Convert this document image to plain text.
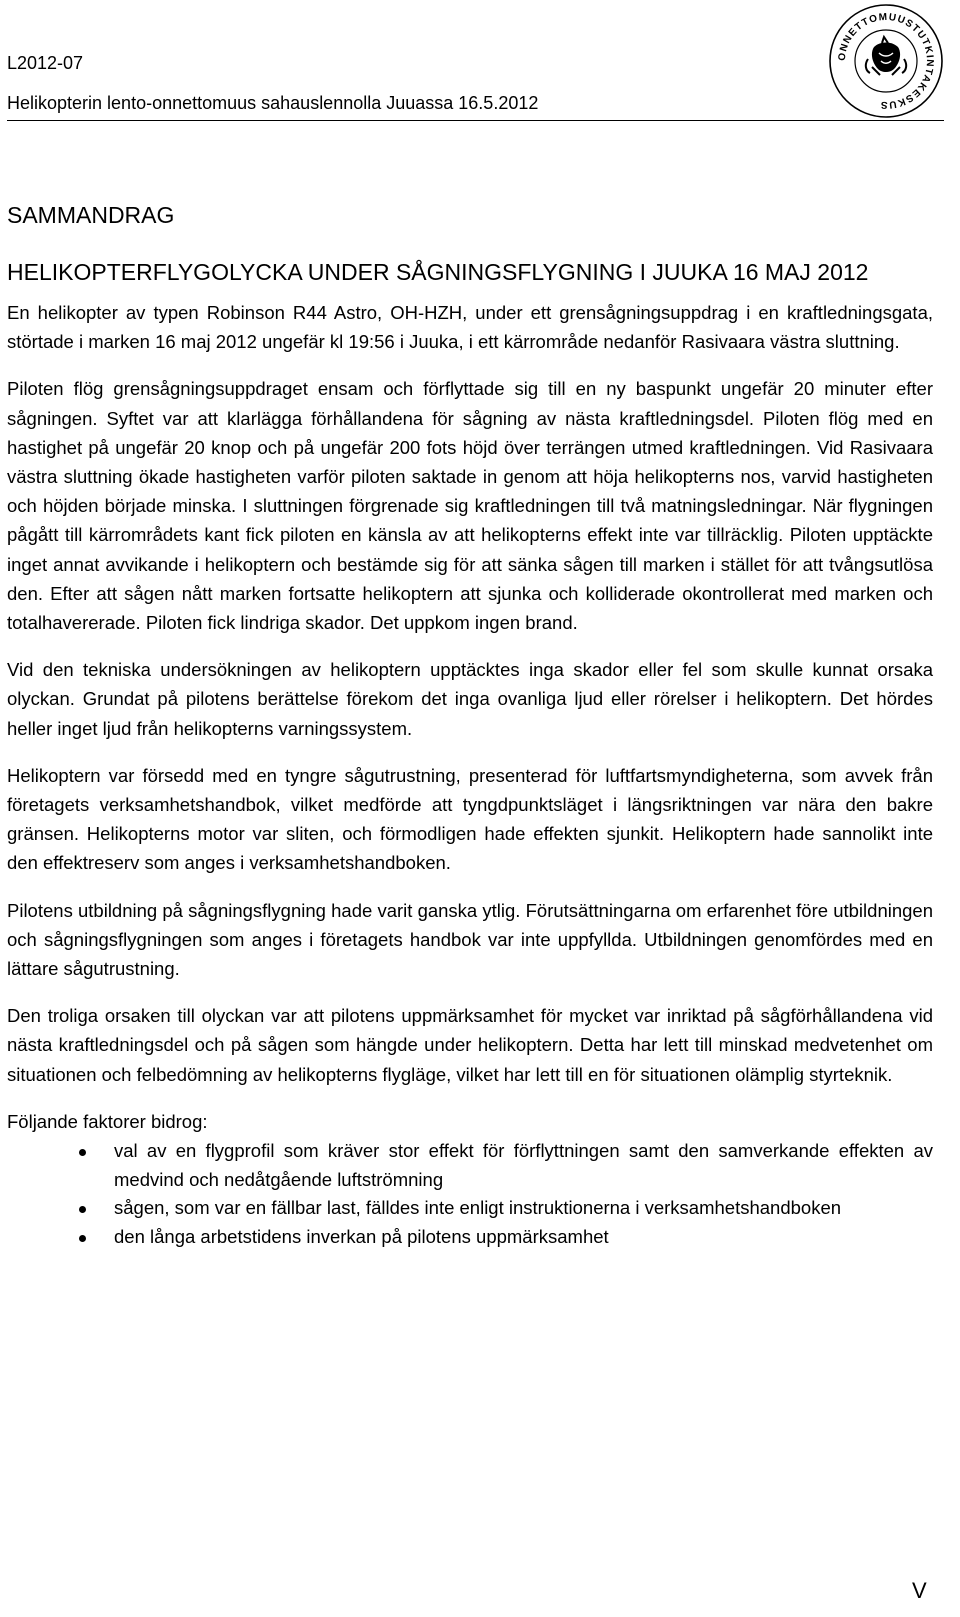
L2012-07
Helikopterin lento-onnettomuus sahauslennolla Juuassa 16.5.2012
ONNETTOMUUSTUTKINTAKESKUS
SAMMANDRAG
HELIKOPTERFLYGOLYCKA UNDER SÅGNINGSFLYGNING I JUUKA 16 MAJ 2012

En helikopter av typen Robinson R44 Astro, OH-HZH, under ett grensågningsuppdrag i en kraftledningsgata, störtade i marken 16 maj 2012 ungefär kl 19:56 i Juuka, i ett kärrområde nedanför Rasivaara västra sluttning.

Piloten flög grensågningsuppdraget ensam och förflyttade sig till en ny baspunkt ungefär 20 minuter efter sågningen. Syftet var att klarlägga förhållandena för sågning av nästa kraftledningsdel. Piloten flög med en hastighet på ungefär 20 knop och på ungefär 200 fots höjd över terrängen utmed kraftledningen. Vid Rasivaara västra sluttning ökade hastigheten varför piloten saktade in genom att höja helikopterns nos, varvid hastigheten och höjden började minska. I sluttningen förgrenade sig kraftledningen till två matningsledningar. När flygningen pågått till kärrområdets kant fick piloten en känsla av att helikopterns effekt inte var tillräcklig. Piloten upptäckte inget annat avvikande i helikoptern och bestämde sig för att sänka sågen till marken i stället för att tvångsutlösa den. Efter att sågen nått marken fortsatte helikoptern att sjunka och kolliderade okontrollerat med marken och totalhavererade. Piloten fick lindriga skador. Det uppkom ingen brand.

Vid den tekniska undersökningen av helikoptern upptäcktes inga skador eller fel som skulle kunnat orsaka olyckan. Grundat på pilotens berättelse förekom det inga ovanliga ljud eller rörelser i helikoptern. Det hördes heller inget ljud från helikopterns varningssystem.

Helikoptern var försedd med en tyngre sågutrustning, presenterad för luftfartsmyndigheterna, som avvek från företagets verksamhetshandbok, vilket medförde att tyngdpunktsläget i längsriktningen var nära den bakre gränsen. Helikopterns motor var sliten, och förmodligen hade effekten sjunkit. Helikoptern hade sannolikt inte den effektreserv som anges i verksamhetshandboken.

Pilotens utbildning på sågningsflygning hade varit ganska ytlig. Förutsättningarna om erfarenhet före utbildningen och sågningsflygningen som anges i företagets handbok var inte uppfyllda. Utbildningen genomfördes med en lättare sågutrustning.

Den troliga orsaken till olyckan var att pilotens uppmärksamhet för mycket var inriktad på sågförhållandena vid nästa kraftledningsdel och på sågen som hängde under helikoptern. Detta har lett till minskad medvetenhet om situationen och felbedömning av helikopterns flygläge, vilket har lett till en för situationen olämplig styrteknik.

Följande faktorer bidrog:

val av en flygprofil som kräver stor effekt för förflyttningen samt den samverkande effekten av medvind och nedåtgående luftströmning
sågen, som var en fällbar last, fälldes inte enligt instruktionerna i verksamhetshandboken
den långa arbetstidens inverkan på pilotens uppmärksamhet
V
